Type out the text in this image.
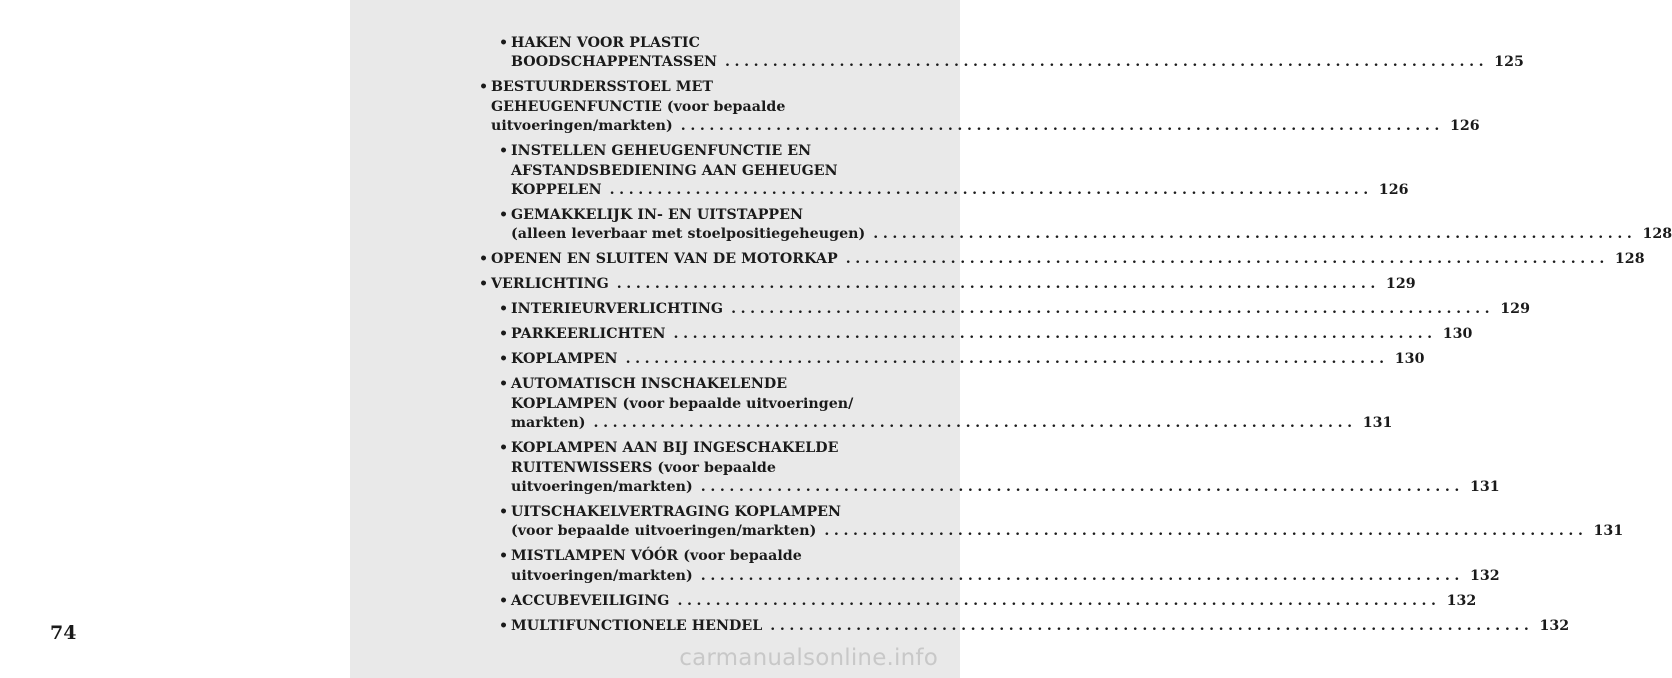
74
• HAKEN VOOR PLASTIC
BOODSCHAPPENTASSEN ................................................................................ 125
• BESTUURDERSSTOEL MET
GEHEUGENFUNCTIE (voor bepaalde
uitvoeringen/markten) ................................................................................ 126
• INSTELLEN GEHEUGENFUNCTIE EN
AFSTANDSBEDIENING AAN GEHEUGEN
KOPPELEN ................................................................................ 126
• GEMAKKELIJK IN- EN UITSTAPPEN
(alleen leverbaar met stoelpositiegeheugen) ................................................................................ 128
• OPENEN EN SLUITEN VAN DE MOTORKAP ................................................................................ 128
• VERLICHTING ................................................................................ 129
• INTERIEURVERLICHTING ................................................................................ 129
• PARKEERLICHTEN ................................................................................ 130
• KOPLAMPEN ................................................................................ 130
• AUTOMATISCH INSCHAKELENDE
KOPLAMPEN (voor bepaalde uitvoeringen/
markten) ................................................................................ 131
• KOPLAMPEN AAN BIJ INGESCHAKELDE
RUITENWISSERS (voor bepaalde
uitvoeringen/markten) ................................................................................ 131
• UITSCHAKELVERTRAGING KOPLAMPEN
(voor bepaalde uitvoeringen/markten) ................................................................................ 131
• MISTLAMPEN VÓÓR (voor bepaalde
uitvoeringen/markten) ................................................................................ 132
• ACCUBEVEILIGING ................................................................................ 132
• MULTIFUNCTIONELE HENDEL ................................................................................ 132
carmanualsonline.info
